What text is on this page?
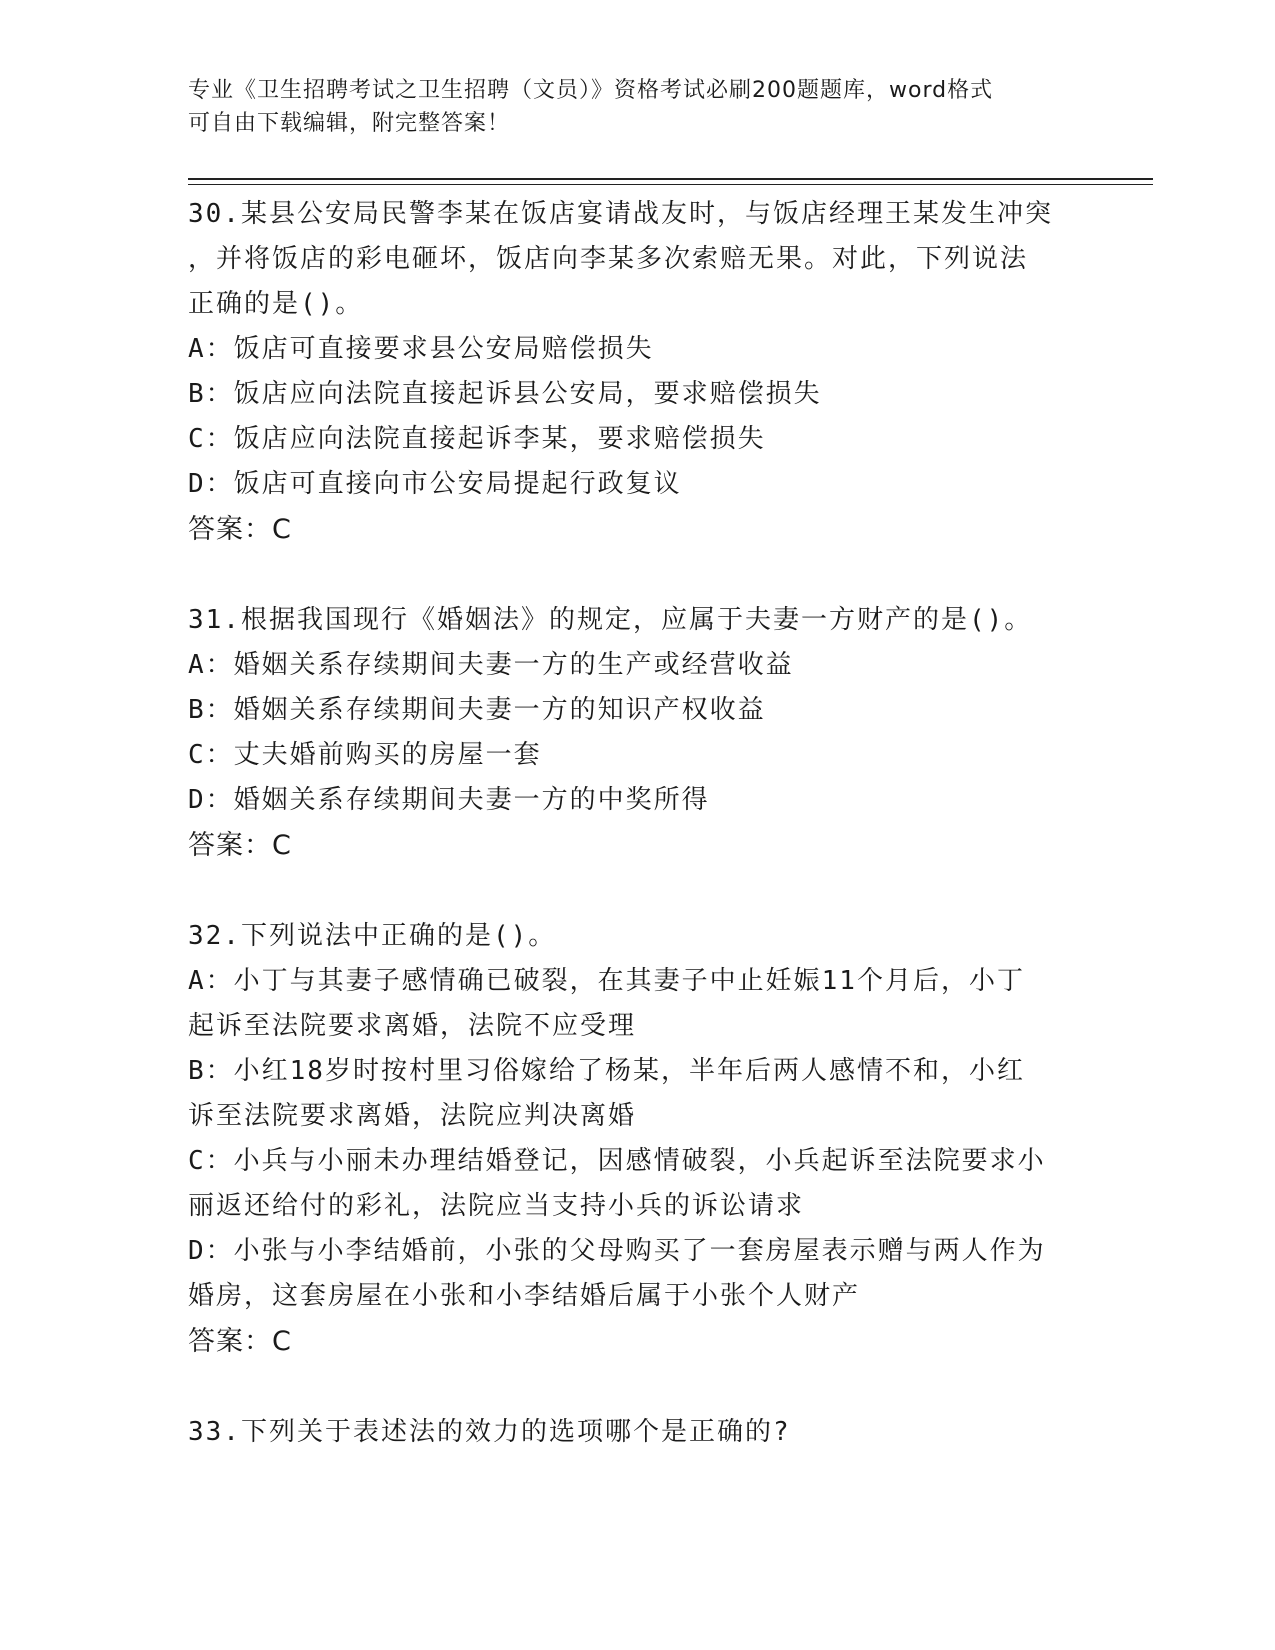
专业《卫生招聘考试之卫生招聘（文员）》资格考试必刷200题题库，word格式
可自由下载编辑，附完整答案！
30.某县公安局民警李某在饭店宴请战友时，与饭店经理王某发生冲突
，并将饭店的彩电砸坏，饭店向李某多次索赔无果。对此，下列说法
正确的是()。
A：饭店可直接要求县公安局赔偿损失
B：饭店应向法院直接起诉县公安局，要求赔偿损失
C：饭店应向法院直接起诉李某，要求赔偿损失
D：饭店可直接向市公安局提起行政复议
答案：C
31.根据我国现行《婚姻法》的规定，应属于夫妻一方财产的是()。
A：婚姻关系存续期间夫妻一方的生产或经营收益
B：婚姻关系存续期间夫妻一方的知识产权收益
C：丈夫婚前购买的房屋一套
D：婚姻关系存续期间夫妻一方的中奖所得
答案：C
32.下列说法中正确的是()。
A：小丁与其妻子感情确已破裂，在其妻子中止妊娠11个月后，小丁
起诉至法院要求离婚，法院不应受理
B：小红18岁时按村里习俗嫁给了杨某，半年后两人感情不和，小红
诉至法院要求离婚，法院应判决离婚
C：小兵与小丽未办理结婚登记，因感情破裂，小兵起诉至法院要求小
丽返还给付的彩礼，法院应当支持小兵的诉讼请求
D：小张与小李结婚前，小张的父母购买了一套房屋表示赠与两人作为
婚房，这套房屋在小张和小李结婚后属于小张个人财产
答案：C
33.下列关于表述法的效力的选项哪个是正确的?
